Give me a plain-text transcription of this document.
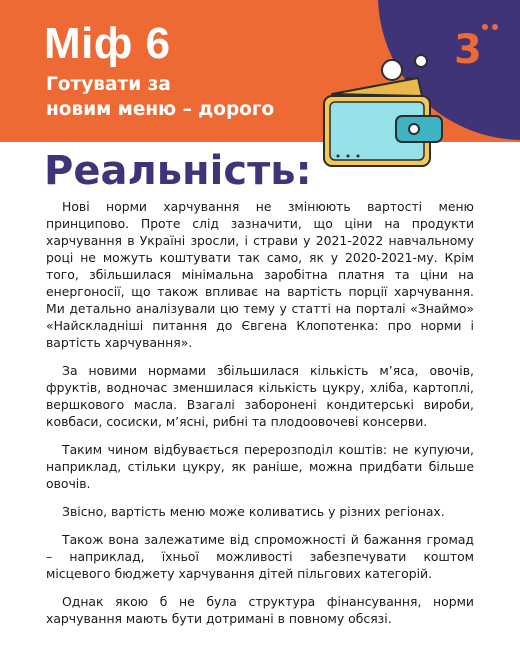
3
Міф 6
Готувати за
новим меню – дорого
Реальність:

Нові норми харчування не змінюють вартості меню принципово. Проте слід зазначити, що ціни на продукти харчування в Україні зросли, і страви у 2021-2022 навчальному році не можуть коштувати так само, як у 2020-2021-му. Крім того, збільшилася мінімальна заробітна платня та ціни на енергоносії, що також впливає на вартість порції харчування. Ми детально аналізували цю тему у статті на порталі «Знаймо» «Найскладніші питання до Євгена Клопотенка: про норми і вартість харчування».

За новими нормами збільшилася кількість м’яса, овочів, фруктів, водночас зменшилася кількість цукру, хліба, картоплі, вершкового масла. Взагалі заборонені кондитерські вироби, ковбаси, сосиски, м’ясні, рибні та плодоовочеві консерви.

Таким чином відбувається перерозподіл коштів: не купуючи, наприклад, стільки цукру, як раніше, можна придбати більше овочів.

Звісно, вартість меню може коливатись у різних регіонах.

Також вона залежатиме від спроможності й бажання громад – наприклад, їхньої можливості забезпечувати коштом місцевого бюджету харчування дітей пільгових категорій.

Однак якою б не була структура фінансування, норми харчування мають бути дотримані в повному обсязі.
